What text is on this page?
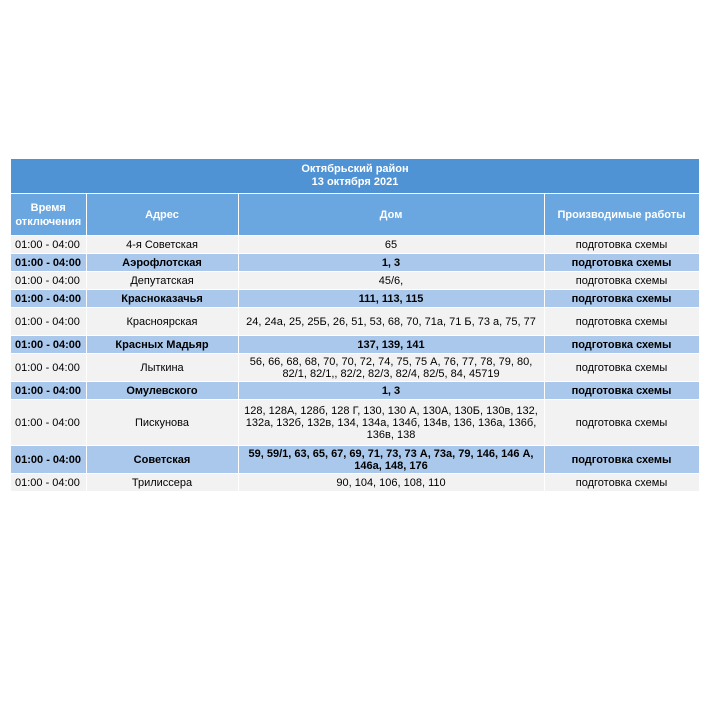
Октябрьский район
13 октября 2021			

Время отключения	Адрес	Дом	Производимые работы
01:00 - 04:00	4-я Советская	65	подготовка схемы
01:00 - 04:00	Аэрофлотская	1, 3	подготовка схемы
01:00 - 04:00	Депутатская	45/6,	подготовка схемы
01:00 - 04:00	Красноказачья	111, 113, 115	подготовка схемы
01:00 - 04:00	Красноярская	24, 24а, 25, 25Б, 26, 51, 53, 68, 70, 71а, 71 Б, 73 а, 75, 77	подготовка схемы
01:00 - 04:00	Красных Мадьяр	137, 139, 141	подготовка схемы
01:00 - 04:00	Лыткина	56, 66, 68, 68, 70, 70, 72, 74, 75, 75 А, 76, 77, 78, 79, 80, 82/1, 82/1,, 82/2, 82/3, 82/4, 82/5, 84, 45719	подготовка схемы
01:00 - 04:00	Омулевского	1, 3	подготовка схемы
01:00 - 04:00	Пискунова	128, 128А, 128б, 128 Г, 130, 130 А, 130А, 130Б, 130в, 132, 132а, 132б, 132в, 134, 134а, 134б, 134в, 136, 136а, 136б, 136в, 138	подготовка схемы
01:00 - 04:00	Советская	59, 59/1, 63, 65, 67, 69, 71, 73, 73 А, 73а, 79, 146, 146 А, 146а, 148, 176	подготовка схемы
01:00 - 04:00	Трилиссера	90, 104, 106, 108, 110	подготовка схемы
